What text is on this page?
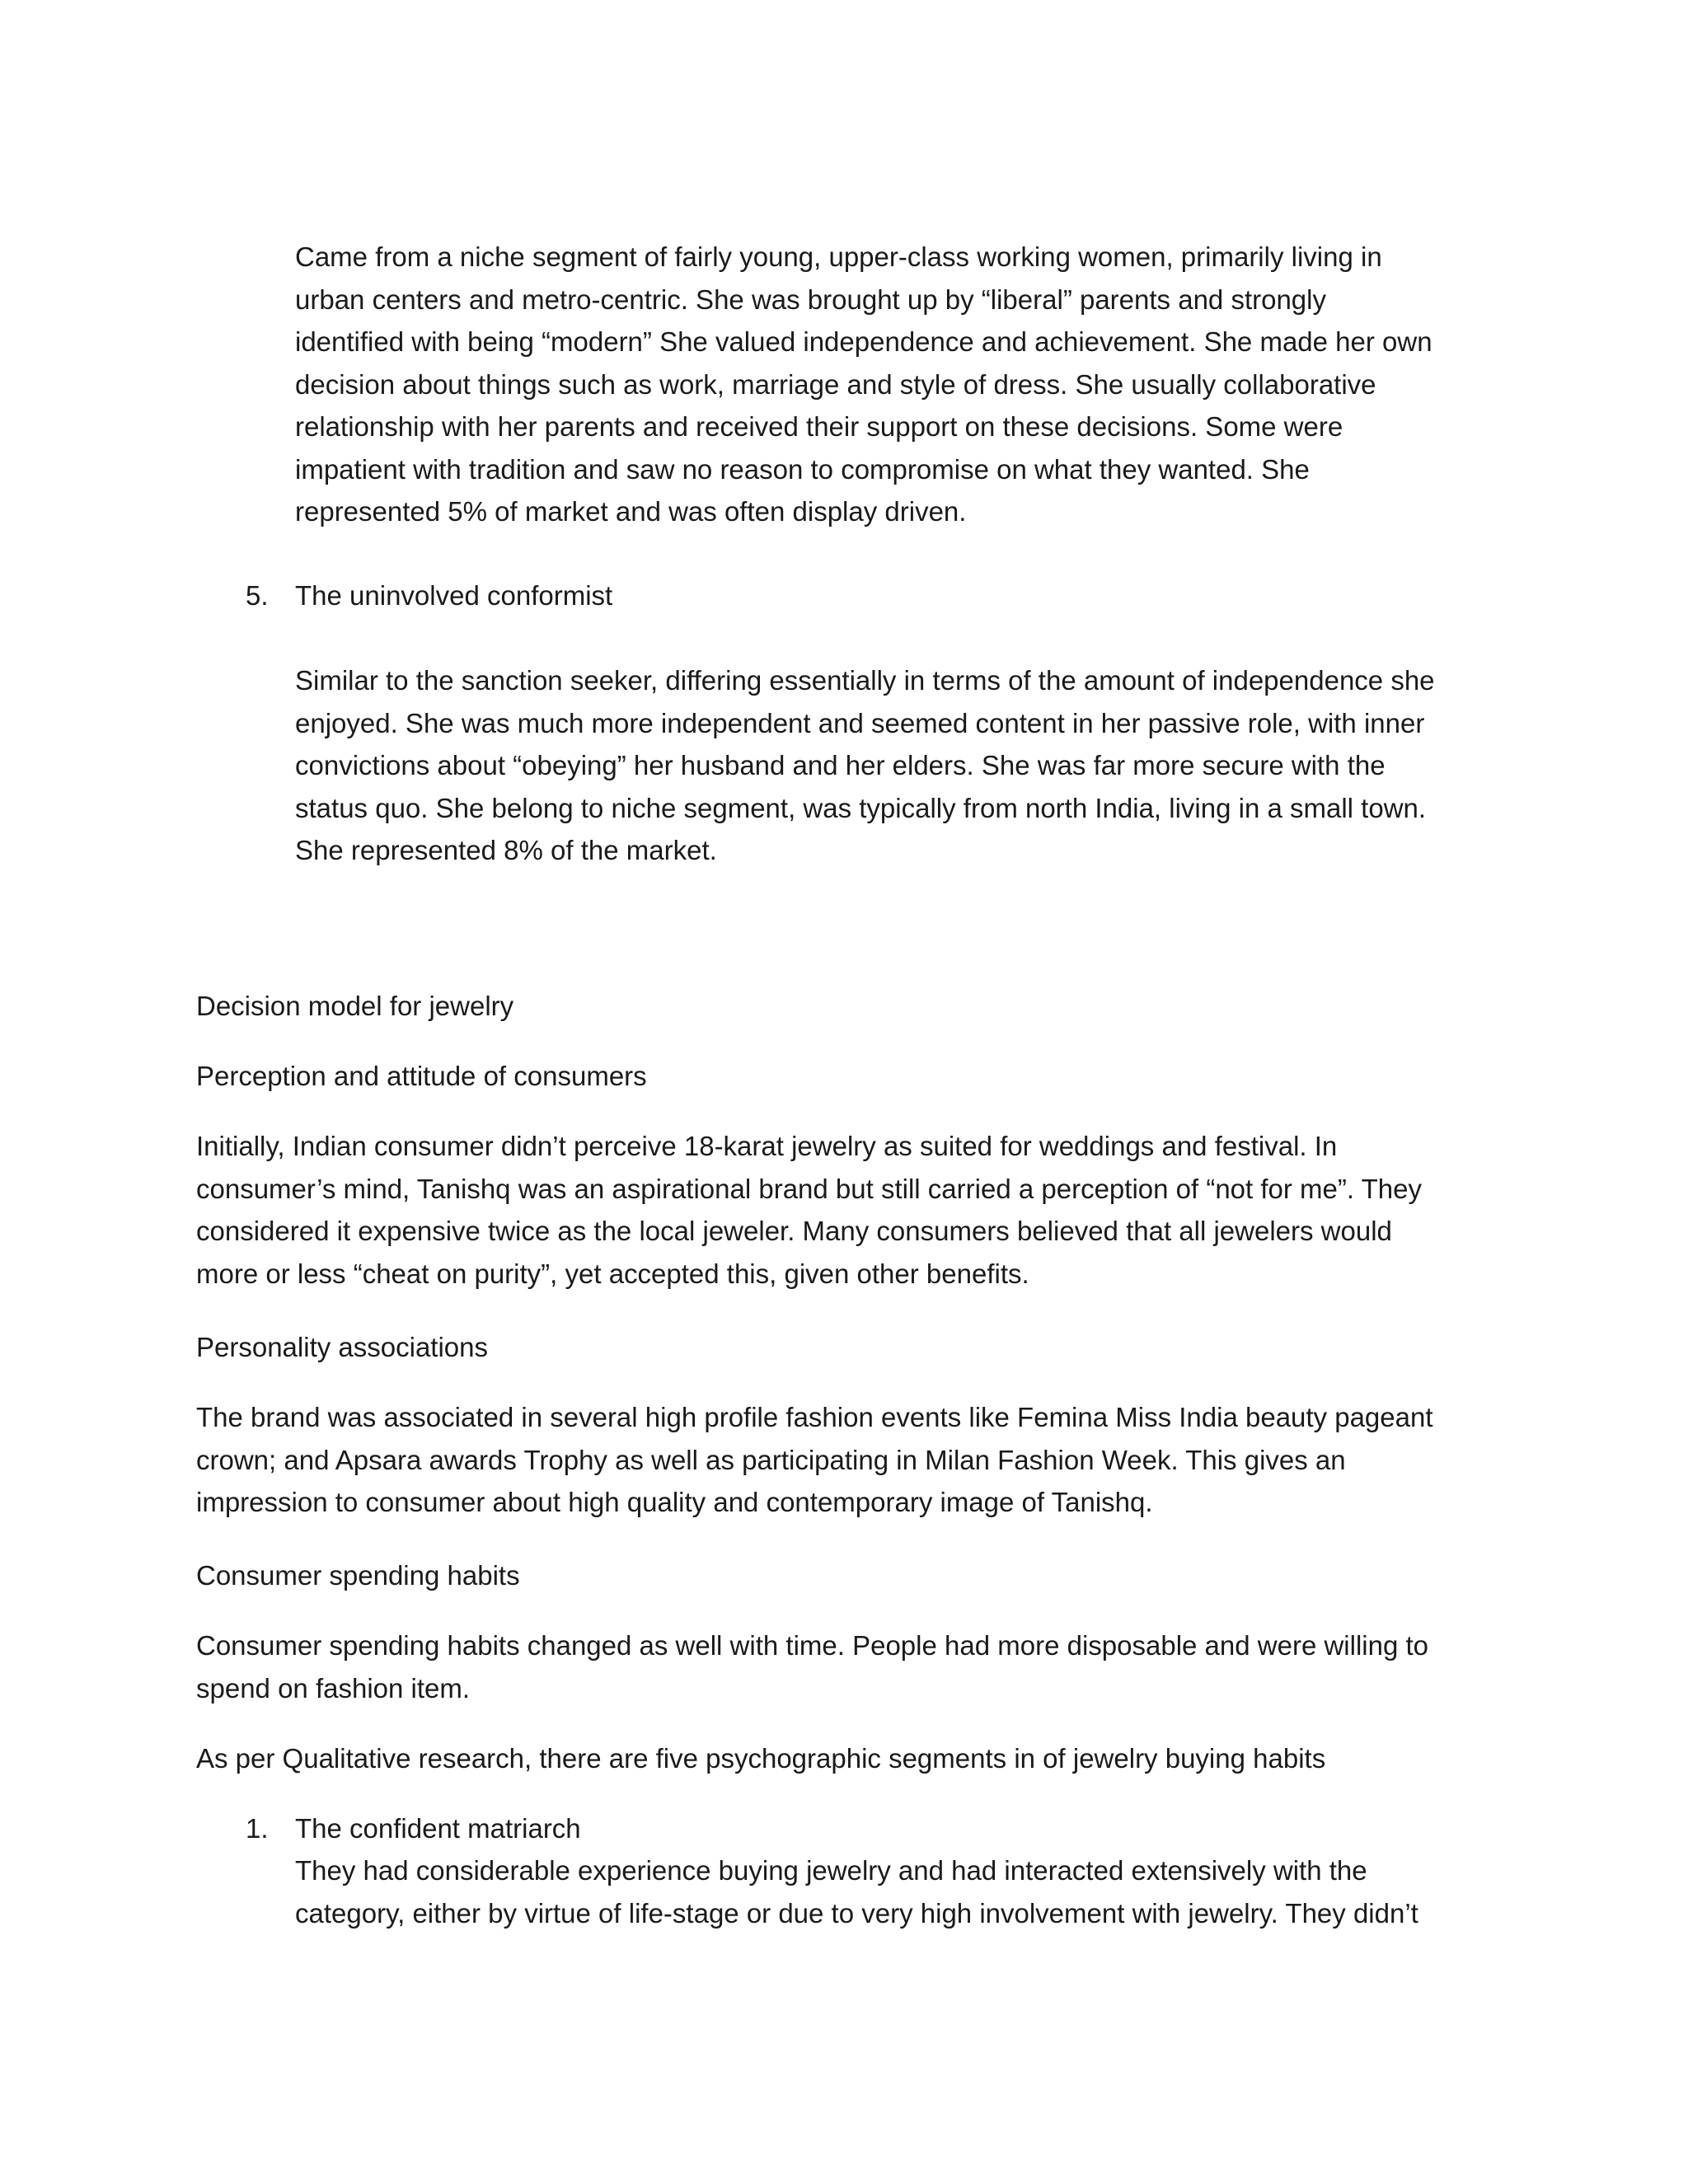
Came from a niche segment of fairly young, upper-class working women, primarily living in
urban centers and metro-centric. She was brought up by “liberal” parents and strongly
identified with being “modern” She valued independence and achievement. She made her own
decision about things such as work, marriage and style of dress. She usually collaborative
relationship with her parents and received their support on these decisions. Some were
impatient with tradition and saw no reason to compromise on what they wanted. She
represented 5% of market and was often display driven.

5. The uninvolved conformist

Similar to the sanction seeker, differing essentially in terms of the amount of independence she
enjoyed. She was much more independent and seemed content in her passive role, with inner
convictions about “obeying” her husband and her elders. She was far more secure with the
status quo. She belong to niche segment, was typically from north India, living in a small town.
She represented 8% of the market.

Decision model for jewelry

Perception and attitude of consumers

Initially, Indian consumer didn’t perceive 18-karat jewelry as suited for weddings and festival. In
consumer’s mind, Tanishq was an aspirational brand but still carried a perception of “not for me”. They
considered it expensive twice as the local jeweler. Many consumers believed that all jewelers would
more or less “cheat on purity”, yet accepted this, given other benefits.

Personality associations

The brand was associated in several high profile fashion events like Femina Miss India beauty pageant
crown; and Apsara awards Trophy as well as participating in Milan Fashion Week. This gives an
impression to consumer about high quality and contemporary image of Tanishq.

Consumer spending habits

Consumer spending habits changed as well with time. People had more disposable and were willing to
spend on fashion item.

As per Qualitative research, there are five psychographic segments in of jewelry buying habits

1. The confident matriarch

They had considerable experience buying jewelry and had interacted extensively with the
category, either by virtue of life-stage or due to very high involvement with jewelry. They didn’t
